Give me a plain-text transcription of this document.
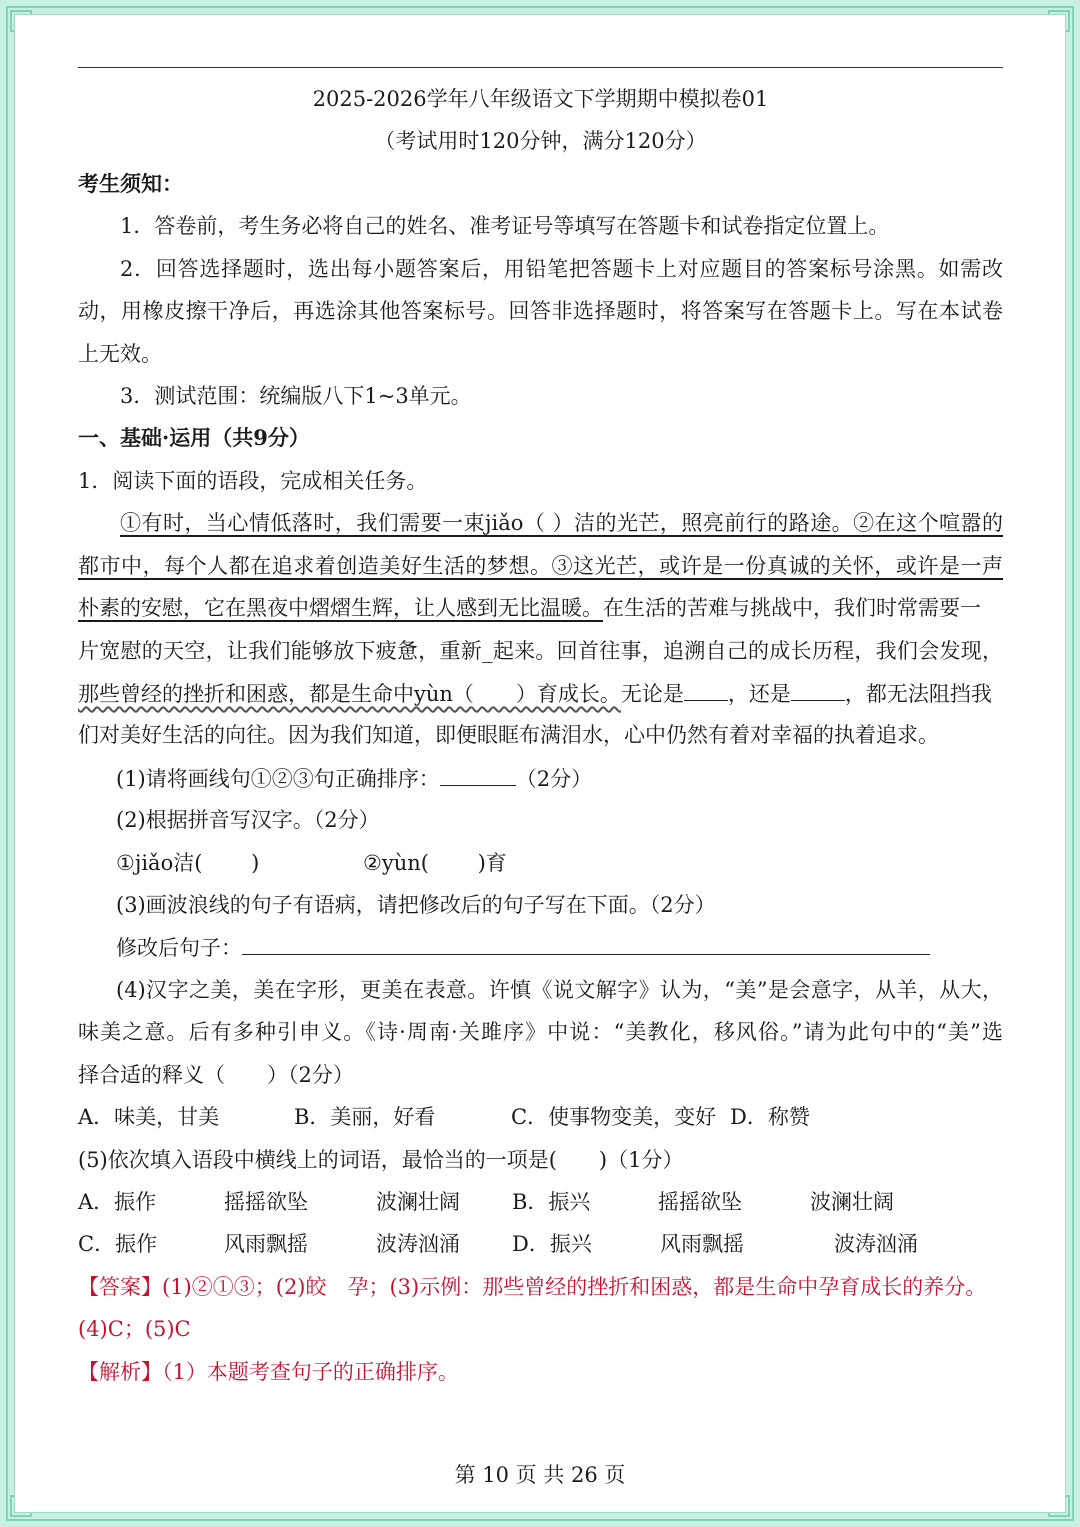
2025-2026学年八年级语文下学期期中模拟卷01
（考试用时120分钟，满分120分）
考生须知：
1．答卷前，考生务必将自己的姓名、准考证号等填写在答题卡和试卷指定位置上。
2．回答选择题时，选出每小题答案后，用铅笔把答题卡上对应题目的答案标号涂黑。如需改
动，用橡皮擦干净后，再选涂其他答案标号。回答非选择题时，将答案写在答题卡上。写在本试卷
上无效。
3．测试范围：统编版八下1~3单元。
一、基础·运用（共9分）
1．阅读下面的语段，完成相关任务。
①有时，当心情低落时，我们需要一束jiǎo（ ）洁的光芒，照亮前行的路途。②在这个喧嚣的
都市中，每个人都在追求着创造美好生活的梦想。③这光芒，或许是一份真诚的关怀，或许是一声
朴素的安慰，它在黑夜中熠熠生辉，让人感到无比温暖。在生活的苦难与挑战中，我们时常需要一
片宽慰的天空，让我们能够放下疲惫，重新_起来。回首往事，追溯自己的成长历程，我们会发现，
那些曾经的挫折和困惑，都是生命中yùn（　　）育成长。无论是 ，还是	，都无法阻挡我
们对美好生活的向往。因为我们知道，即便眼眶布满泪水，心中仍然有着对幸福的执着追求。
(1)请将画线句①②③句正确排序：	（2分）
(2)根据拼音写汉字。（2分）
①jiǎo洁(　　 )	②yùn(　　 )育
(3)画波浪线的句子有语病，请把修改后的句子写在下面。（2分）
修改后句子：
(4)汉字之美，美在字形，更美在表意。许慎《说文解字》认为，“美”是会意字，从羊，从大，
味美之意。后有多种引申义。《诗·周南·关雎序》中说：“美教化，移风俗。”请为此句中的“美”选
择合适的释义（　　）（2分）
A．味美，甘美	B．美丽，好看	C．使事物变美，变好 D．称赞
(5)依次填入语段中横线上的词语，最恰当的一项是(　　)（1分）
A．振作	摇摇欲坠	波澜壮阔 B．振兴	摇摇欲坠	波澜壮阔
C．振作	风雨飘摇	波涛汹涌 D．振兴	风雨飘摇	波涛汹涌
【答案】(1)②①③；(2)皎　孕；(3)示例：那些曾经的挫折和困惑，都是生命中孕育成长的养分。
(4)C；(5)C
【解析】（1）本题考查句子的正确排序。
第 10 页 共 26 页
